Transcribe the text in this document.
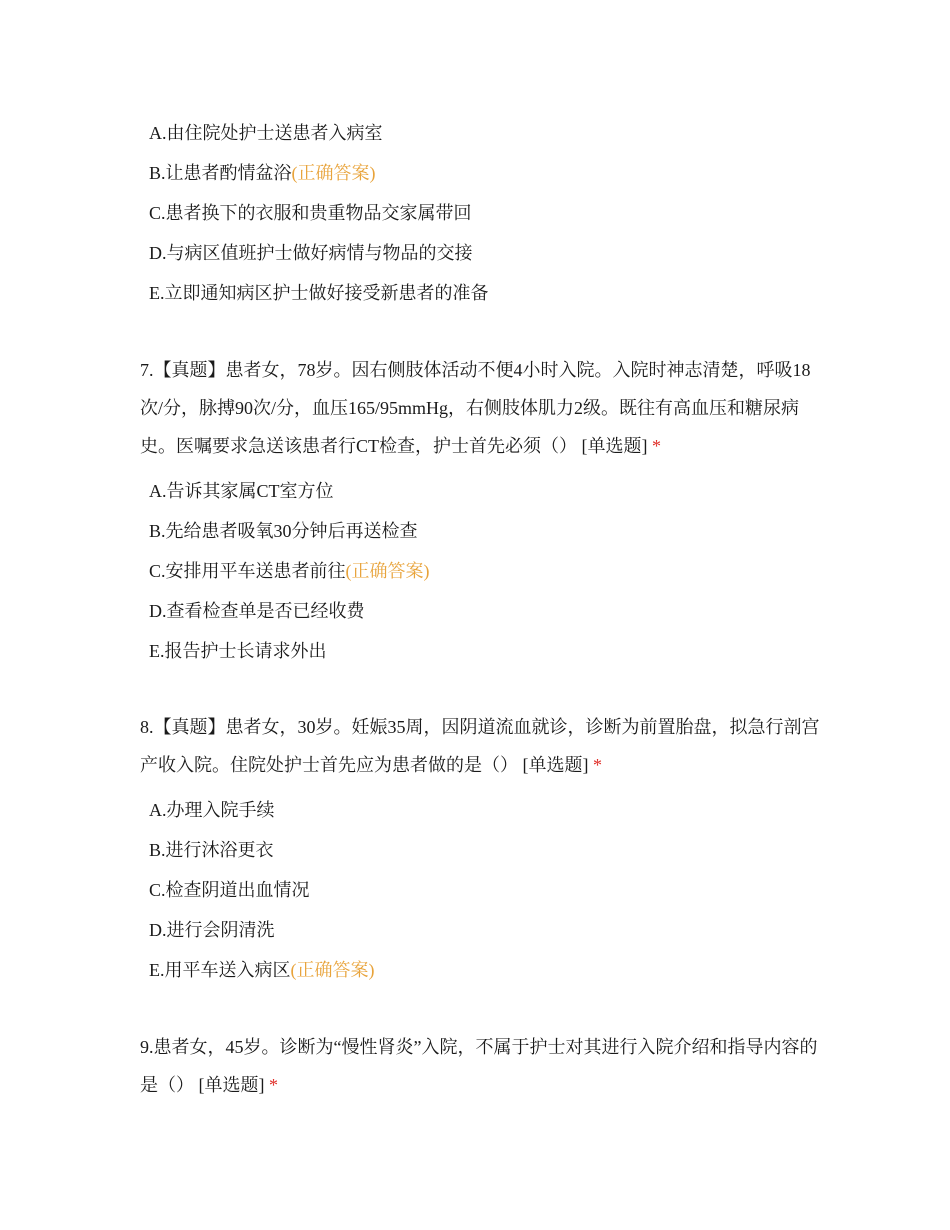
A.由住院处护士送患者入病室
B.让患者酌情盆浴(正确答案)
C.患者换下的衣服和贵重物品交家属带回
D.与病区值班护士做好病情与物品的交接
E.立即通知病区护士做好接受新患者的准备
7.【真题】患者女，78岁。因右侧肢体活动不便4小时入院。入院时神志清楚，呼吸18次/分，脉搏90次/分，血压165/95mmHg，右侧肢体肌力2级。既往有高血压和糖尿病史。医嘱要求急送该患者行CT检查，护士首先必须（） [单选题] *
A.告诉其家属CT室方位
B.先给患者吸氧30分钟后再送检查
C.安排用平车送患者前往(正确答案)
D.查看检查单是否已经收费
E.报告护士长请求外出
8.【真题】患者女，30岁。妊娠35周，因阴道流血就诊，诊断为前置胎盘，拟急行剖宫产收入院。住院处护士首先应为患者做的是（） [单选题] *
A.办理入院手续
B.进行沐浴更衣
C.检查阴道出血情况
D.进行会阴清洗
E.用平车送入病区(正确答案)
9.患者女，45岁。诊断为“慢性肾炎”入院，不属于护士对其进行入院介绍和指导内容的是（） [单选题] *
